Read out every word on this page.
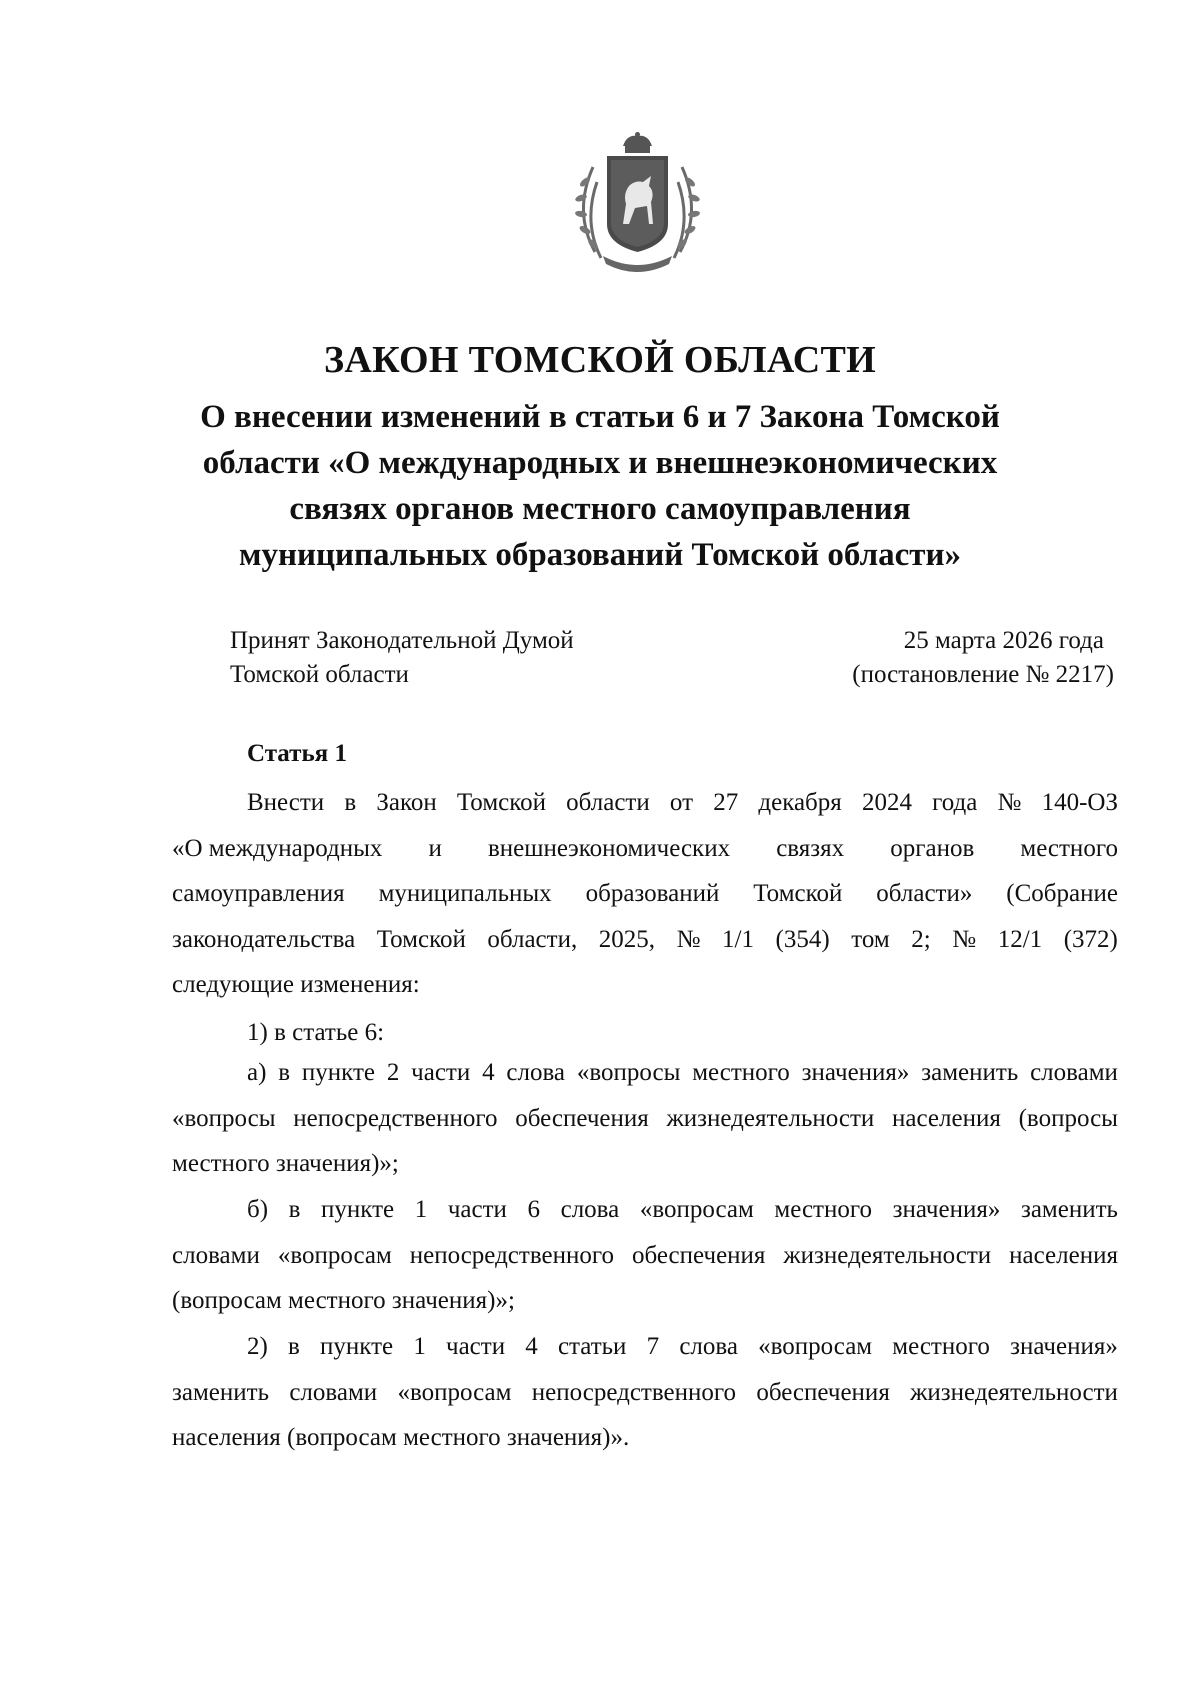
ЗАКОН ТОМСКОЙ ОБЛАСТИ
О внесении изменений в статьи 6 и 7 Закона Томской
области «О международных и внешнеэкономических
связях органов местного самоуправления
муниципальных образований Томской области»
Принят Законодательной Думой
Томской области
25 марта 2026 года
(постановление № 2217)
Статья 1
Внести в Закон Томской области от 27 декабря 2024 года № 140-ОЗ
«О международных и внешнеэкономических связях органов местного
самоуправления муниципальных образований Томской области» (Собрание
законодательства Томской области, 2025, № 1/1 (354) том 2; № 12/1 (372)
следующие изменения:
1) в статье 6:
а) в пункте 2 части 4 слова «вопросы местного значения» заменить словами
«вопросы непосредственного обеспечения жизнедеятельности населения (вопросы
местного значения)»;
б) в пункте 1 части 6 слова «вопросам местного значения» заменить
словами «вопросам непосредственного обеспечения жизнедеятельности населения
(вопросам местного значения)»;
2) в пункте 1 части 4 статьи 7 слова «вопросам местного значения»
заменить словами «вопросам непосредственного обеспечения жизнедеятельности
населения (вопросам местного значения)».
